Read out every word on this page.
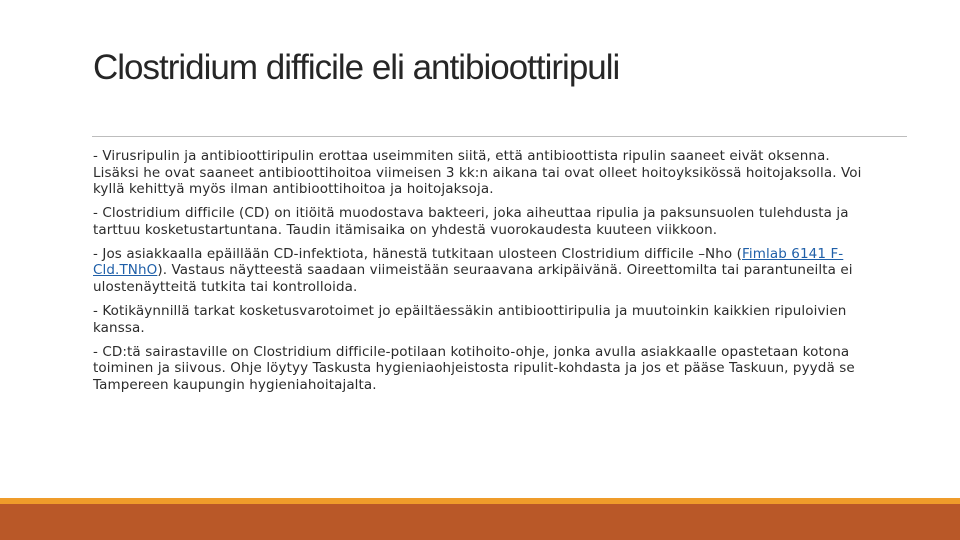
Clostridium difficile eli antibioottiripuli

- Virusripulin ja antibioottiripulin erottaa useimmiten siitä, että antibioottista ripulin saaneet eivät oksenna. Lisäksi he ovat saaneet antibioottihoitoa viimeisen 3 kk:n aikana tai ovat olleet hoitoyksikössä hoitojaksolla. Voi kyllä kehittyä myös ilman antibioottihoitoa ja hoitojaksoja.

- Clostridium difficile (CD) on itiöitä muodostava bakteeri, joka aiheuttaa ripulia ja paksunsuolen tulehdusta ja tarttuu kosketustartuntana. Taudin itämisaika on yhdestä vuorokaudesta kuuteen viikkoon.

- Jos asiakkaalla epäillään CD-infektiota, hänestä tutkitaan ulosteen Clostridium difficile –Nho (Fimlab 6141 F-Cld.TNhO). Vastaus näytteestä saadaan viimeistään seuraavana arkipäivänä. Oireettomilta tai parantuneilta ei ulostenäytteitä tutkita tai kontrolloida.

- Kotikäynnillä tarkat kosketusvarotoimet jo epäiltäessäkin antibioottiripulia ja muutoinkin kaikkien ripuloivien kanssa.

- CD:tä sairastaville on Clostridium difficile-potilaan kotihoito-ohje, jonka avulla asiakkaalle opastetaan kotona toiminen ja siivous. Ohje löytyy Taskusta hygieniaohjeistosta ripulit-kohdasta ja jos et pääse Taskuun, pyydä se Tampereen kaupungin hygieniahoitajalta.
